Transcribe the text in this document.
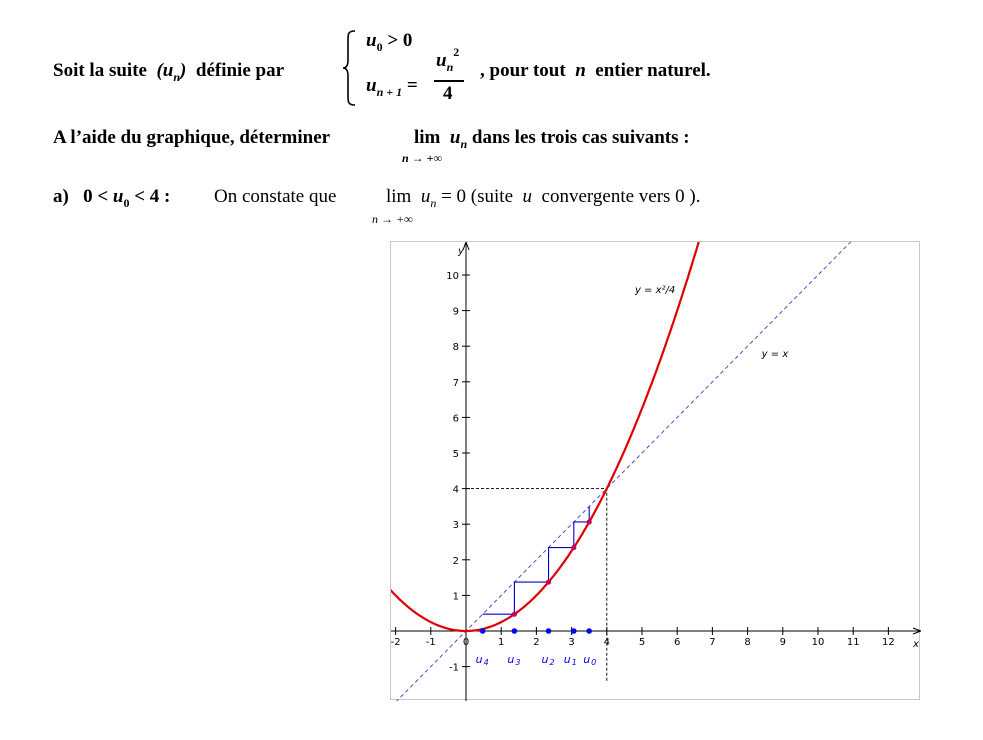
Soit la suite $(u_n)$ définie par
$u_0 > 0$
$u_{n + 1}$ =
$u_n^2$
4
, pour tout n entier naturel.
A l’aide du graphique, déterminer	$\lim u_n$ dans les trois cas suivants :
n → +∞
a) $0 < u_0 < 4$ : On constate que	$\lim u_n = 0$ (suite u convergente vers 0 ).
n → +∞
y
x
-2	-1	0	1	2	3	4	5	6	7	8	9	10 11 12
-1
1
2
3
4
5
6
7
8
9
10
y = x²/4
y = x
u4 u3 u2 u1 u0
